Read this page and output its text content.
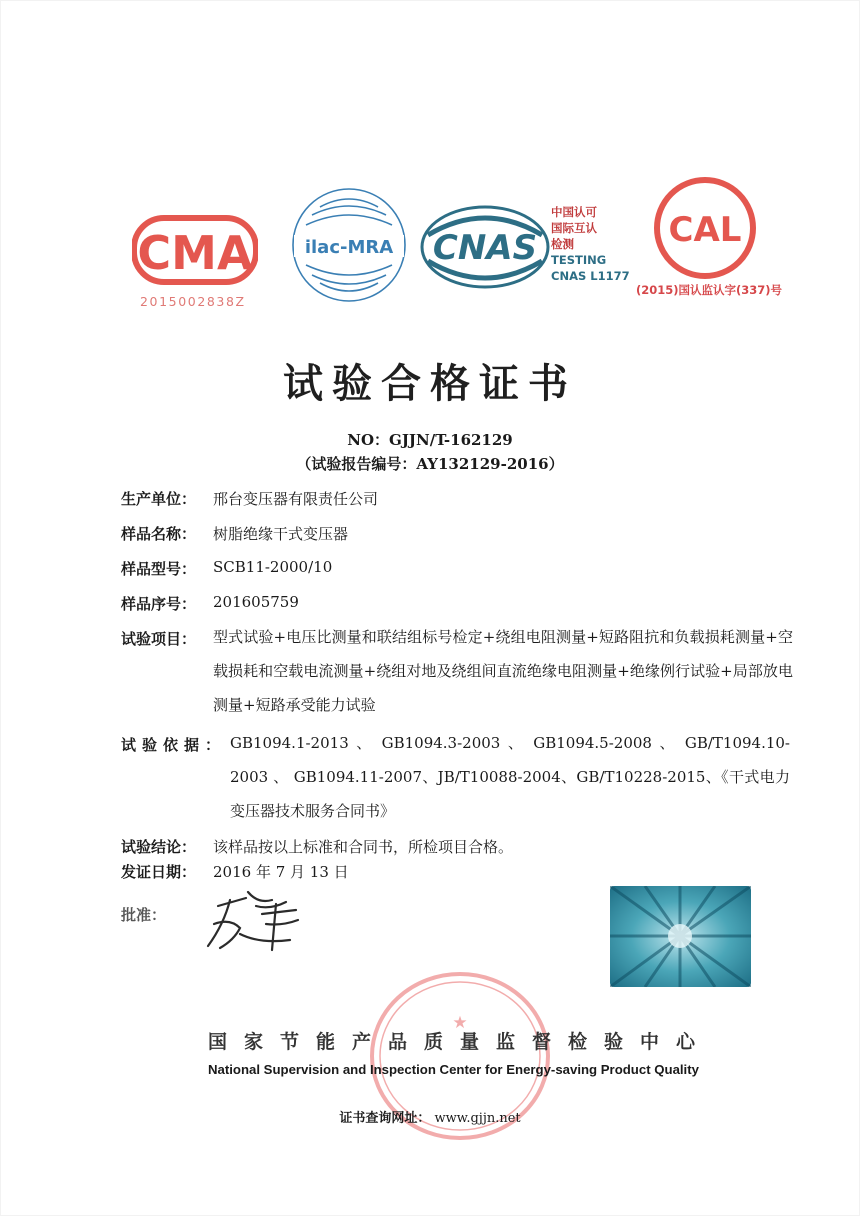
CMA
2015002838Z
ilac-MRA CNAS
中国认可
国际互认
检测
TESTING
CNAS L1177
CAL
(2015)国认监认字(337)号
试验合格证书
NO：GJJN/T-162129
（试验报告编号：AY132129-2016）
生产单位： 邢台变压器有限责任公司
样品名称： 树脂绝缘干式变压器
样品型号： SCB11-2000/10
样品序号： 201605759
试验项目： 型式试验+电压比测量和联结组标号检定+绕组电阻测量+短路阻抗和负载损耗测量+空载损耗和空载电流测量+绕组对地及绕组间直流绝缘电阻测量+绝缘例行试验+局部放电测量+短路承受能力试验
试验依据： GB1094.1-2013 、 GB1094.3-2003 、 GB1094.5-2008 、 GB/T1094.10-2003 、 GB1094.11-2007、JB/T10088-2004、GB/T10228-2015、《干式电力变压器技术服务合同书》
试验结论： 该样品按以上标准和合同书，所检项目合格。
发证日期： 2016 年 7 月 13 日
批准：
★
国家节能产品质量监督检验中心
National Supervision and Inspection Center for Energy-saving Product Quality
证书查询网址： www.gjjn.net
